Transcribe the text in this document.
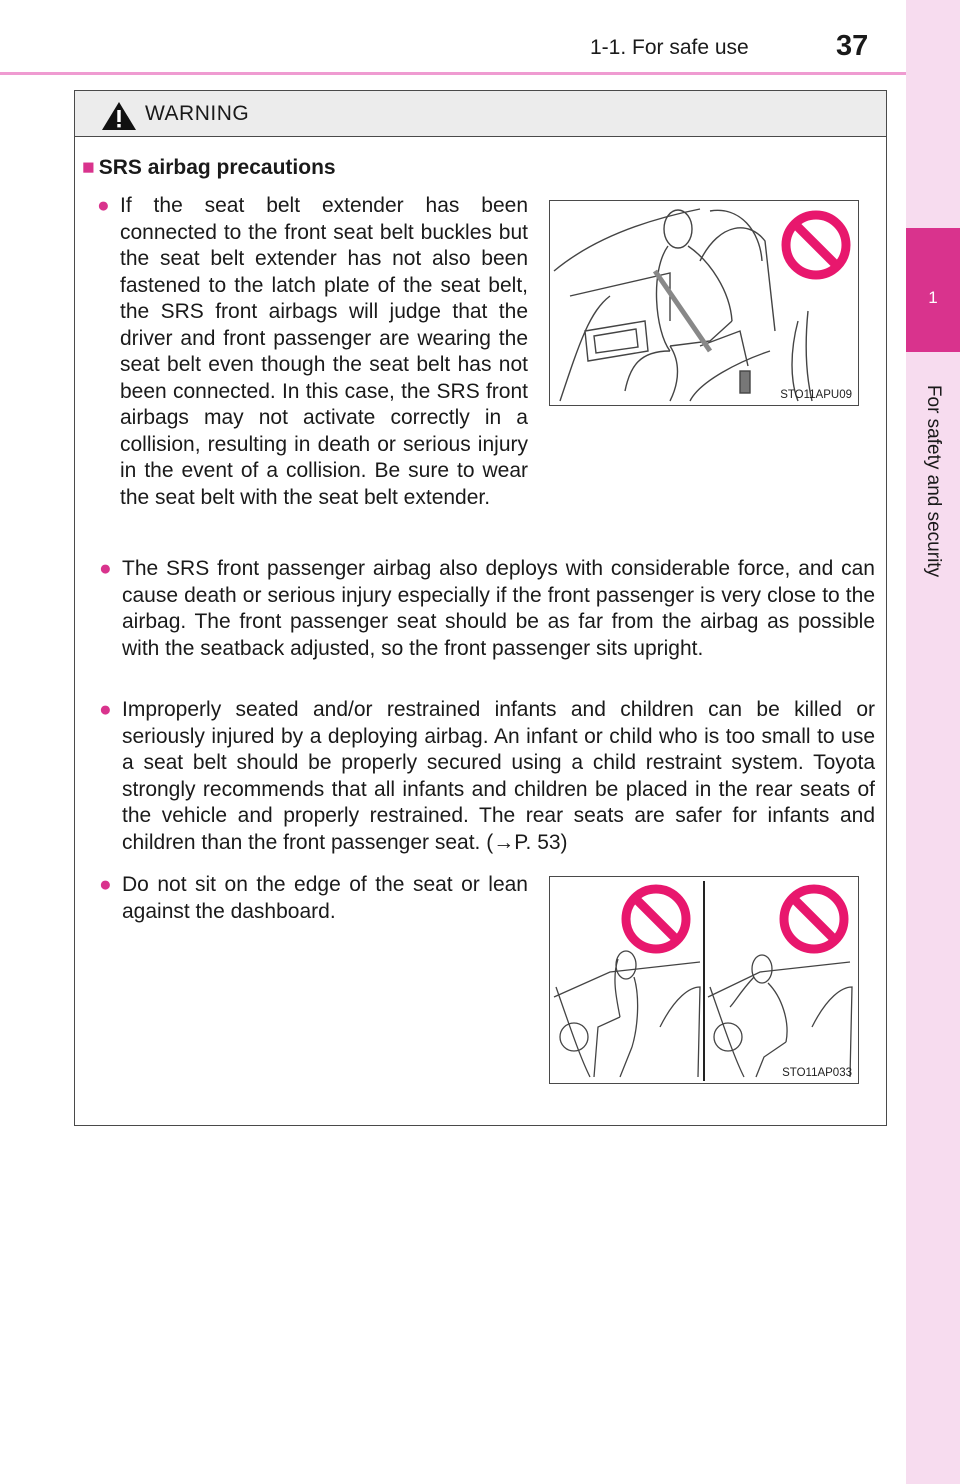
1-1. For safe use	37
1
For safety and security
WARNING
■ SRS airbag precautions
● If the seat belt extender has been connected to the front seat belt buckles but the seat belt extender has not also been fastened to the latch plate of the seat belt, the SRS front airbags will judge that the driver and front passenger are wearing the seat belt even though the seat belt has not been connected. In this case, the SRS front airbags may not activate correctly in a collision, resulting in death or serious injury in the event of a collision. Be sure to wear the seat belt with the seat belt extender.
STO11APU09
● The SRS front passenger airbag also deploys with considerable force, and can cause death or serious injury especially if the front passenger is very close to the airbag. The front passenger seat should be as far from the airbag as possible with the seatback adjusted, so the front passenger sits upright.
● Improperly seated and/or restrained infants and children can be killed or seriously injured by a deploying airbag. An infant or child who is too small to use a seat belt should be properly secured using a child restraint system. Toyota strongly recommends that all infants and children be placed in the rear seats of the vehicle and properly restrained. The rear seats are safer for infants and children than the front passenger seat. (→P. 53)
● Do not sit on the edge of the seat or lean against the dashboard.
STO11AP033
